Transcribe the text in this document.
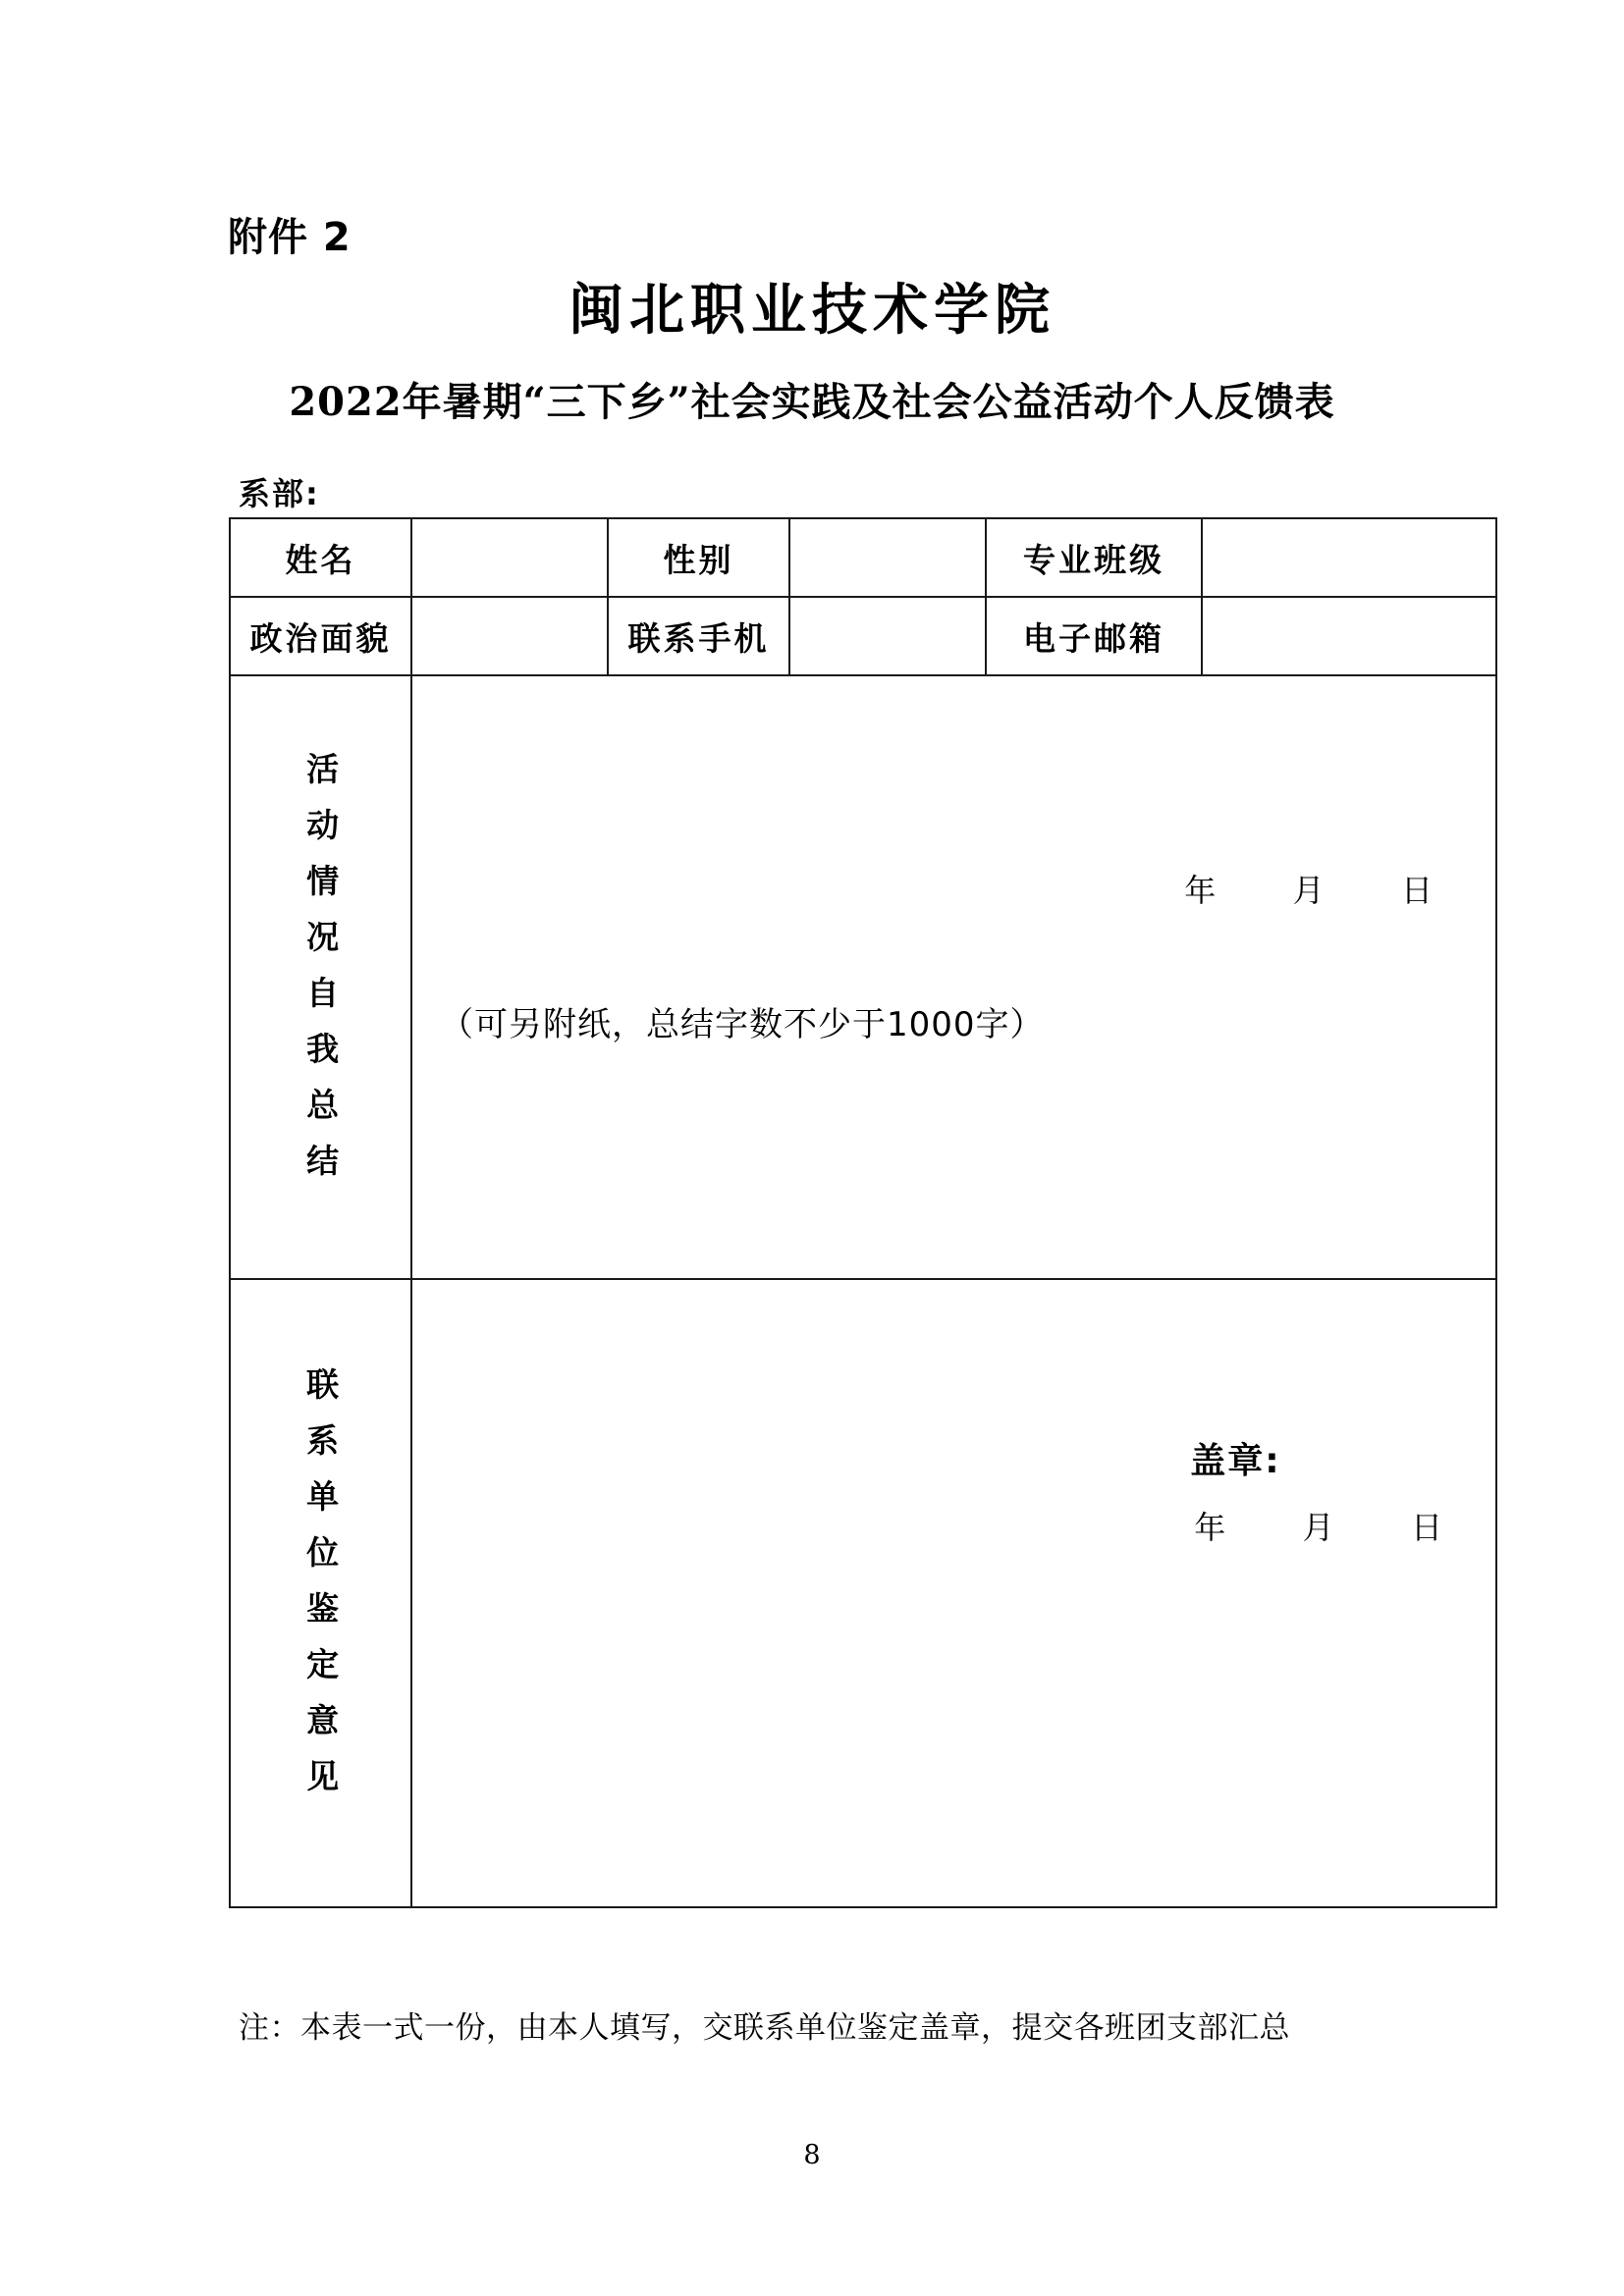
附件 2
闽北职业技术学院
2022年暑期“三下乡”社会实践及社会公益活动个人反馈表
系部:
姓名		性别		专业班级	
政治面貌		联系手机		电子邮箱	
活动情况自我总结	（可另附纸，总结字数不少于1000字）
年 月 日				

联系单位鉴定意见	盖章:
年 月 日				
注：本表一式一份，由本人填写，交联系单位鉴定盖章，提交各班团支部汇总
8
